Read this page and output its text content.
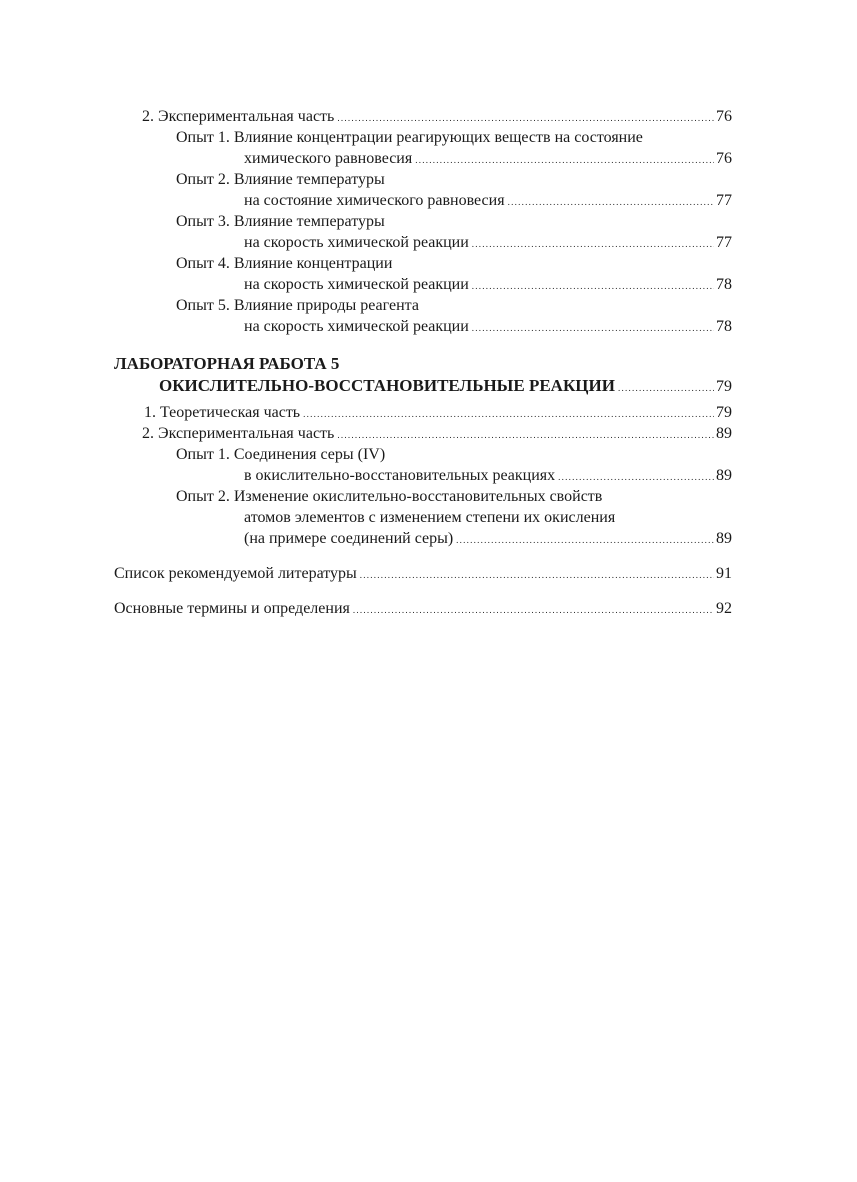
2. Экспериментальная часть . . .	76
Опыт 1. Влияние концентрации реагирующих веществ на состояние
химического равновесия . . .	76
Опыт 2. Влияние температуры
на состояние химического равновесия . . .	77
Опыт 3. Влияние температуры
на скорость химической реакции . . .	77
Опыт 4. Влияние концентрации
на скорость химической реакции . . .	78
Опыт 5. Влияние природы реагента
на скорость химической реакции . . .	78
ЛАБОРАТОРНАЯ РАБОТА 5
ОКИСЛИТЕЛЬНО-ВОССТАНОВИТЕЛЬНЫЕ РЕАКЦИИ . . .	79
1. Теоретическая часть . . .	79
2. Экспериментальная часть . . .	89
Опыт 1. Соединения серы (IV)
в окислительно-восстановительных реакциях . . .	89
Опыт 2. Изменение окислительно-восстановительных свойств
атомов элементов с изменением степени их окисления
(на примере соединений серы) . . .	89
Список рекомендуемой литературы . . .	91
Основные термины и определения . . .	92
